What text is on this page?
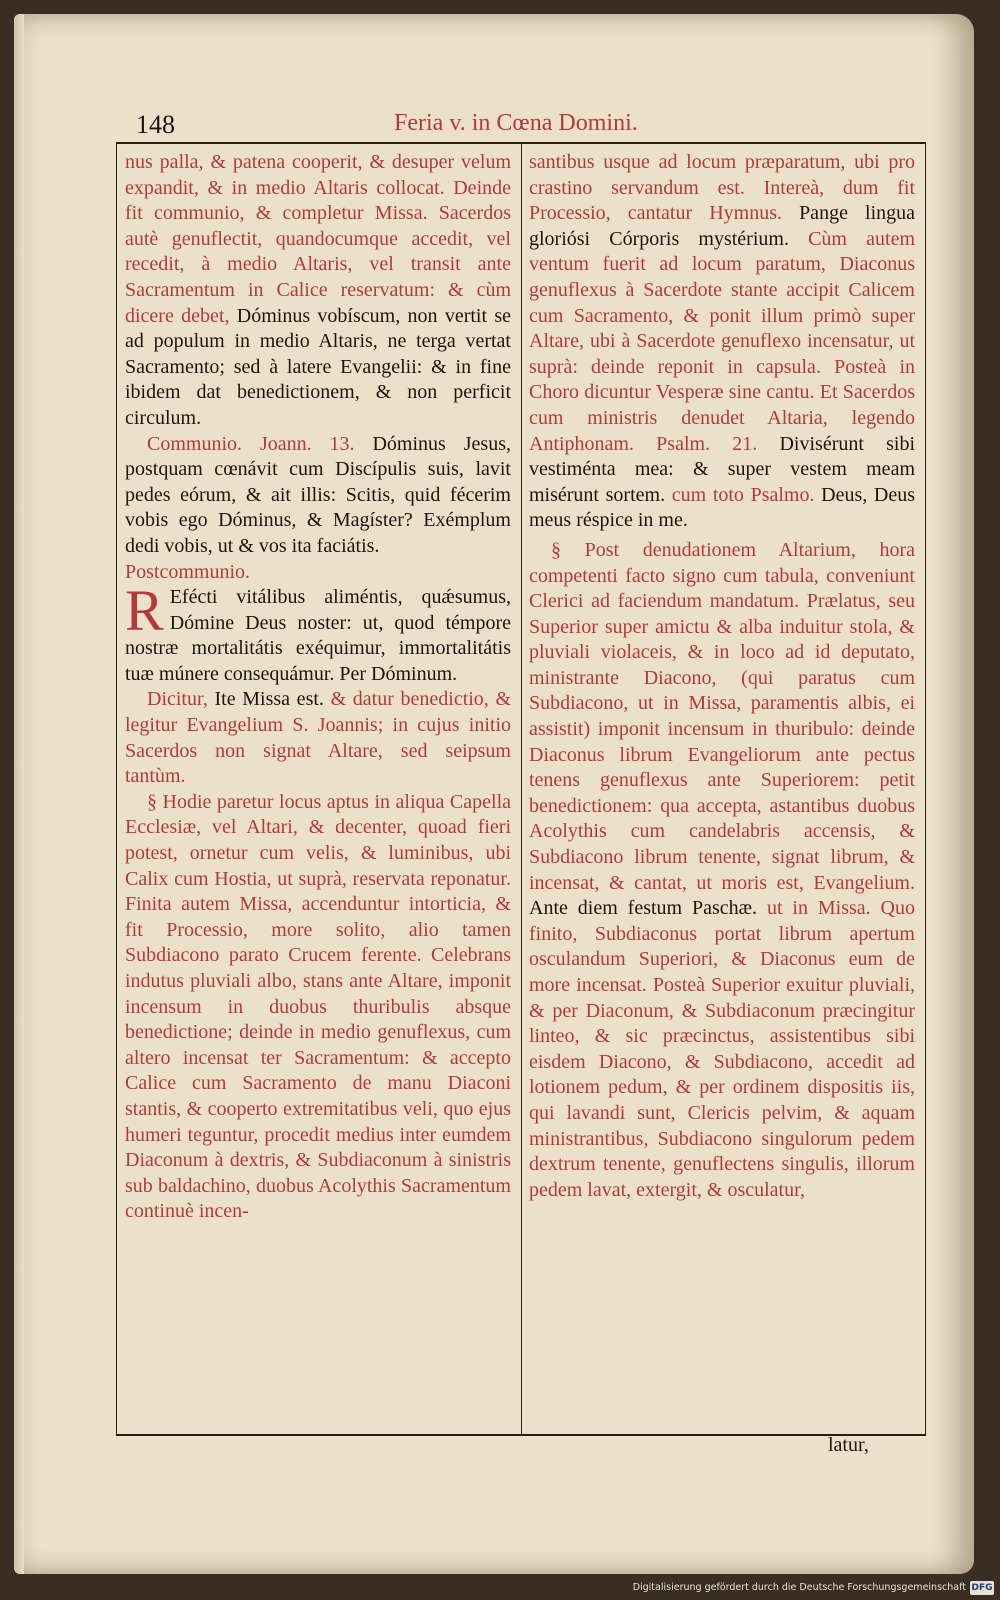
148	Feria v. in Cœna Domini.

nus palla, & patena cooperit, & desuper velum expandit, & in medio Altaris collocat. Deinde fit communio, & completur Missa. Sacerdos autè genuflectit, quandocumque accedit, vel recedit, à medio Altaris, vel transit ante Sacramentum in Calice reservatum: & cùm dicere debet, Dóminus vobíscum, non vertit se ad populum in medio Altaris, ne terga vertat Sacramento; sed à latere Evangelii: & in fine ibidem dat benedictionem, & non perficit circulum.

Communio. Joann. 13. Dóminus Jesus, postquam cœnávit cum Discípulis suis, lavit pedes eórum, & ait illis: Scitis, quid fécerim vobis ego Dóminus, & Magíster? Exémplum dedi vobis, ut & vos ita faciátis.

Postcommunio.

R Efécti vitálibus aliméntis, quǽsumus, Dómine Deus noster: ut, quod témpore nostræ mortalitátis exéquimur, immortalitátis tuæ múnere consequámur. Per Dóminum.

Dicitur, Ite Missa est. & datur benedictio, & legitur Evangelium S. Joannis; in cujus initio Sacerdos non signat Altare, sed seipsum tantùm.

§ Hodie paretur locus aptus in aliqua Capella Ecclesiæ, vel Altari, & decenter, quoad fieri potest, ornetur cum velis, & luminibus, ubi Calix cum Hostia, ut suprà, reservata reponatur. Finita autem Missa, accenduntur intorticia, & fit Processio, more solito, alio tamen Subdiacono parato Crucem ferente. Celebrans indutus pluviali albo, stans ante Altare, imponit incensum in duobus thuribulis absque benedictione; deinde in medio genuflexus, cum altero incensat ter Sacramentum: & accepto Calice cum Sacramento de manu Diaconi stantis, & cooperto extremitatibus veli, quo ejus humeri teguntur, procedit medius inter eumdem Diaconum à dextris, & Subdiaconum à sinistris sub baldachino, duobus Acolythis Sacramentum continuè incen-

santibus usque ad locum præparatum, ubi pro crastino servandum est. Intereà, dum fit Processio, cantatur Hymnus. Pange lingua gloriósi Córporis mystérium. Cùm autem ventum fuerit ad locum paratum, Diaconus genuflexus à Sacerdote stante accipit Calicem cum Sacramento, & ponit illum primò super Altare, ubi à Sacerdote genuflexo incensatur, ut suprà: deinde reponit in capsula. Posteà in Choro dicuntur Vesperæ sine cantu. Et Sacerdos cum ministris denudet Altaria, legendo Antiphonam. Psalm. 21. Divisérunt sibi vestiménta mea: & super vestem meam misérunt sortem. cum toto Psalmo. Deus, Deus meus réspice in me.

§ Post denudationem Altarium, hora competenti facto signo cum tabula, conveniunt Clerici ad faciendum mandatum. Prælatus, seu Superior super amictu & alba induitur stola, & pluviali violaceis, & in loco ad id deputato, ministrante Diacono, (qui paratus cum Subdiacono, ut in Missa, paramentis albis, ei assistit) imponit incensum in thuribulo: deinde Diaconus librum Evangeliorum ante pectus tenens genuflexus ante Superiorem: petit benedictionem: qua accepta, astantibus duobus Acolythis cum candelabris accensis, & Subdiacono librum tenente, signat librum, & incensat, & cantat, ut moris est, Evangelium. Ante diem festum Paschæ. ut in Missa. Quo finito, Subdiaconus portat librum apertum osculandum Superiori, & Diaconus eum de more incensat. Posteà Superior exuitur pluviali, & per Diaconum, & Subdiaconum præcingitur linteo, & sic præcinctus, assistentibus sibi eisdem Diacono, & Subdiacono, accedit ad lotionem pedum, & per ordinem dispositis iis, qui lavandi sunt, Clericis pelvim, & aquam ministrantibus, Subdiacono singulorum pedem dextrum tenente, genuflectens singulis, illorum pedem lavat, extergit, & osculatur,

latur,
Digitalisierung gefördert durch die Deutsche Forschungsgemeinschaft DFG
